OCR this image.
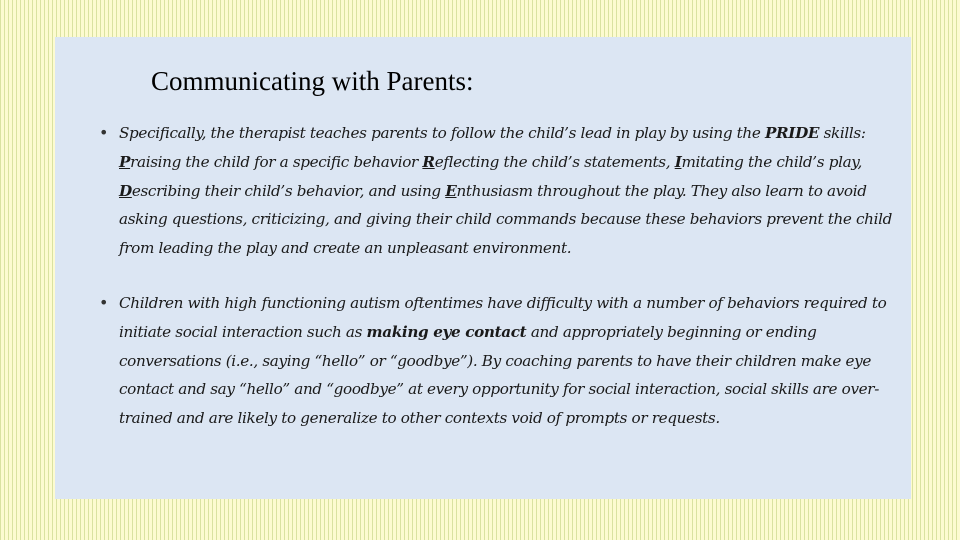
Communicating with Parents:
• Specifically, the therapist teaches parents to follow the child’s lead in play by using the PRIDE skills: Praising the child for a specific behavior Reflecting the child’s statements, Imitating the child’s play, Describing their child’s behavior, and using Enthusiasm throughout the play. They also learn to avoid asking questions, criticizing, and giving their child commands because these behaviors prevent the child from leading the play and create an unpleasant environment.
• Children with high functioning autism oftentimes have difficulty with a number of behaviors required to initiate social interaction such as making eye contact and appropriately beginning or ending conversations (i.e., saying “hello” or “goodbye”). By coaching parents to have their children make eye contact and say “hello” and “goodbye” at every opportunity for social interaction, social skills are over-trained and are likely to generalize to other contexts void of prompts or requests.
